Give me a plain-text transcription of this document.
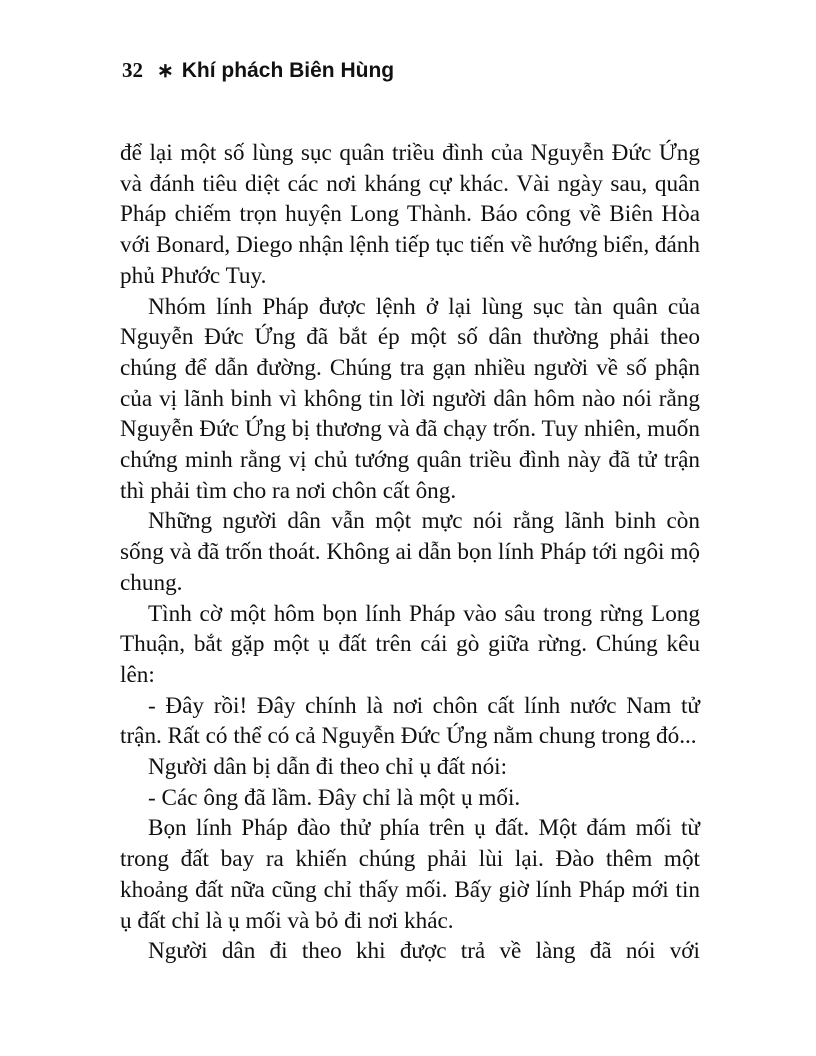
32 ∗ Khí phách Biên Hùng

để lại một số lùng sục quân triều đình của Nguyễn Đức Ứng và đánh tiêu diệt các nơi kháng cự khác. Vài ngày sau, quân Pháp chiếm trọn huyện Long Thành. Báo công về Biên Hòa với Bonard, Diego nhận lệnh tiếp tục tiến về hướng biển, đánh phủ Phước Tuy.

Nhóm lính Pháp được lệnh ở lại lùng sục tàn quân của Nguyễn Đức Ứng đã bắt ép một số dân thường phải theo chúng để dẫn đường. Chúng tra gạn nhiều người về số phận của vị lãnh binh vì không tin lời người dân hôm nào nói rằng Nguyễn Đức Ứng bị thương và đã chạy trốn. Tuy nhiên, muốn chứng minh rằng vị chủ tướng quân triều đình này đã tử trận thì phải tìm cho ra nơi chôn cất ông.

Những người dân vẫn một mực nói rằng lãnh binh còn sống và đã trốn thoát. Không ai dẫn bọn lính Pháp tới ngôi mộ chung.

Tình cờ một hôm bọn lính Pháp vào sâu trong rừng Long Thuận, bắt gặp một ụ đất trên cái gò giữa rừng. Chúng kêu lên:

- Đây rồi! Đây chính là nơi chôn cất lính nước Nam tử trận. Rất có thể có cả Nguyễn Đức Ứng nằm chung trong đó...

Người dân bị dẫn đi theo chỉ ụ đất nói:

- Các ông đã lầm. Đây chỉ là một ụ mối.

Bọn lính Pháp đào thử phía trên ụ đất. Một đám mối từ trong đất bay ra khiến chúng phải lùi lại. Đào thêm một khoảng đất nữa cũng chỉ thấy mối. Bấy giờ lính Pháp mới tin ụ đất chỉ là ụ mối và bỏ đi nơi khác.

Người dân đi theo khi được trả về làng đã nói với
